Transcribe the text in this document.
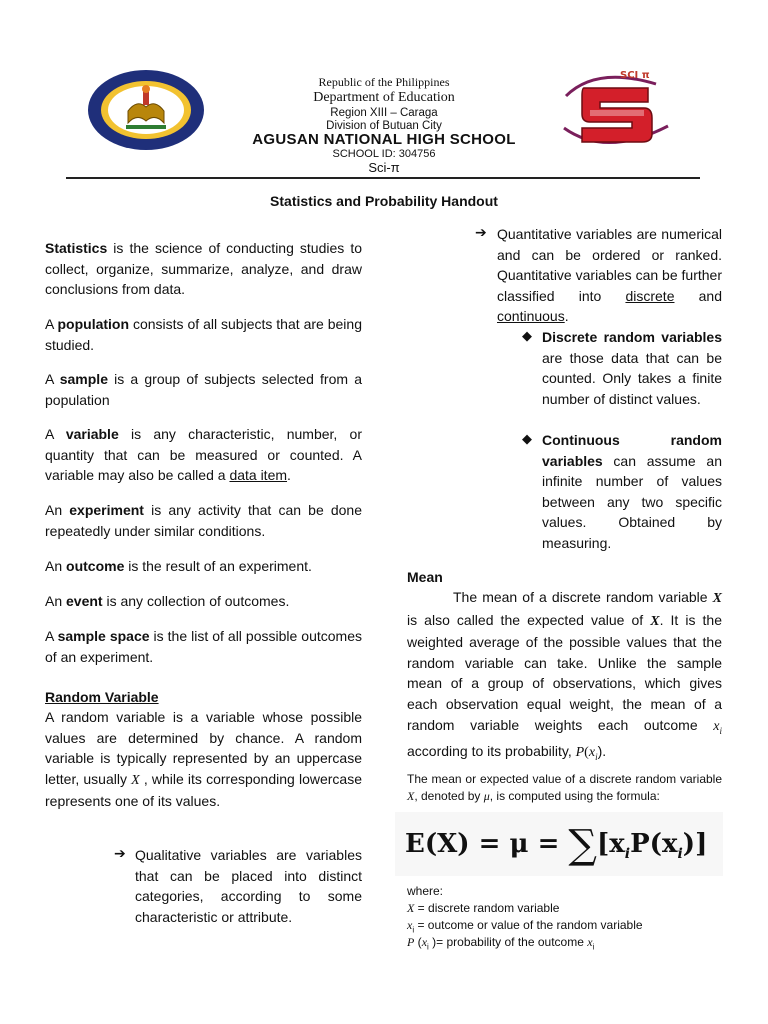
SCI π
Republic of the Philippines
Department of Education
Region XIII – Caraga
Division of Butuan City
AGUSAN NATIONAL HIGH SCHOOL
SCHOOL ID: 304756
Sci-π
Statistics and Probability Handout

Statistics is the science of conducting studies to collect, organize, summarize, analyze, and draw conclusions from data.

A population consists of all subjects that are being studied.

A sample is a group of subjects selected from a population

A variable is any characteristic, number, or quantity that can be measured or counted. A variable may also be called a data item.

An experiment is any activity that can be done repeatedly under similar conditions.

An outcome is the result of an experiment.

An event is any collection of outcomes.

A sample space is the list of all possible outcomes of an experiment.

Random Variable

A random variable is a variable whose possible values are determined by chance. A random variable is typically represented by an uppercase letter, usually X , while its corresponding lowercase represents one of its values.

➔ Qualitative variables are variables that can be placed into distinct categories, according to some characteristic or attribute.

➔ Quantitative variables are numerical and can be ordered or ranked. Quantitative variables can be further classified into discrete and continuous.

◆ Discrete random variables are those data that can be counted. Only takes a finite number of distinct values.

◆ Continuous random variables can assume an infinite number of values between any two specific values. Obtained by measuring.

Mean

The mean of a discrete random variable X is also called the expected value of X. It is the weighted average of the possible values that the random variable can take. Unlike the sample mean of a group of observations, which gives each observation equal weight, the mean of a random variable weights each outcome $x_i$ according to its probability, $P(x_i)$.

The mean or expected value of a discrete random variable X, denoted by μ, is computed using the formula:

$E(X) = \mu = \sum[x_iP(x_i)]$
where:
X = discrete random variable
$x_i$ = outcome or value of the random variable
P ($x_i$ )= probability of the outcome $x_i$
